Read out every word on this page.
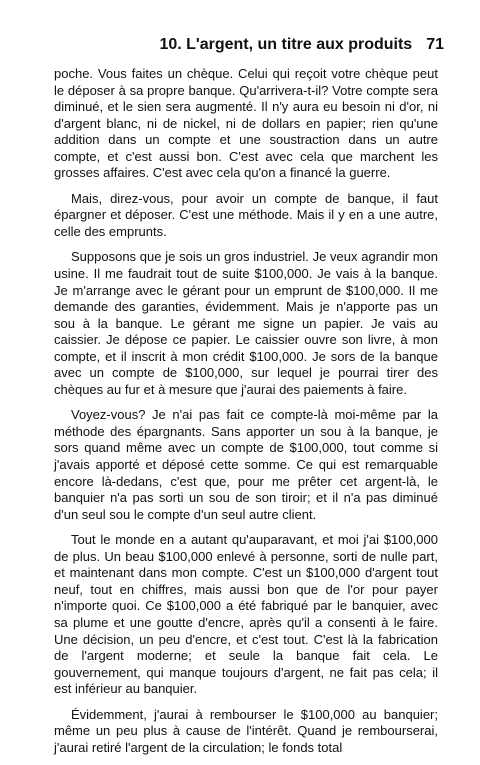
10. L'argent, un titre aux produits 71

poche. Vous faites un chèque. Celui qui reçoit votre chèque peut le déposer à sa propre banque. Qu'arrivera-t-il? Votre compte sera diminué, et le sien sera augmenté. Il n'y aura eu besoin ni d'or, ni d'argent blanc, ni de nickel, ni de dollars en papier; rien qu'une addition dans un compte et une soustraction dans un autre compte, et c'est aussi bon. C'est avec cela que marchent les grosses affaires. C'est avec cela qu'on a financé la guerre.

Mais, direz-vous, pour avoir un compte de banque, il faut épargner et déposer. C'est une méthode. Mais il y en a une autre, celle des emprunts.

Supposons que je sois un gros industriel. Je veux agrandir mon usine. Il me faudrait tout de suite $100,000. Je vais à la banque. Je m'arrange avec le gérant pour un emprunt de $100,000. Il me demande des garanties, évidemment. Mais je n'apporte pas un sou à la banque. Le gérant me signe un papier. Je vais au caissier. Je dépose ce papier. Le caissier ouvre son livre, à mon compte, et il inscrit à mon crédit $100,000. Je sors de la banque avec un compte de $100,000, sur lequel je pourrai tirer des chèques au fur et à mesure que j'aurai des paiements à faire.

Voyez-vous? Je n'ai pas fait ce compte-là moi-même par la méthode des épargnants. Sans apporter un sou à la banque, je sors quand même avec un compte de $100,000, tout comme si j'avais apporté et déposé cette somme. Ce qui est remarquable encore là-dedans, c'est que, pour me prêter cet argent-là, le banquier n'a pas sorti un sou de son tiroir; et il n'a pas diminué d'un seul sou le compte d'un seul autre client.

Tout le monde en a autant qu'auparavant, et moi j'ai $100,000 de plus. Un beau $100,000 enlevé à personne, sorti de nulle part, et maintenant dans mon compte. C'est un $100,000 d'argent tout neuf, tout en chiffres, mais aussi bon que de l'or pour payer n'importe quoi. Ce $100,000 a été fabriqué par le banquier, avec sa plume et une goutte d'encre, après qu'il a consenti à le faire. Une décision, un peu d'encre, et c'est tout. C'est là la fabrication de l'argent moderne; et seule la banque fait cela. Le gouvernement, qui manque toujours d'argent, ne fait pas cela; il est inférieur au banquier.

Évidemment, j'aurai à rembourser le $100,000 au banquier; même un peu plus à cause de l'intérêt. Quand je rembourserai, j'aurai retiré l'argent de la circulation; le fonds total
